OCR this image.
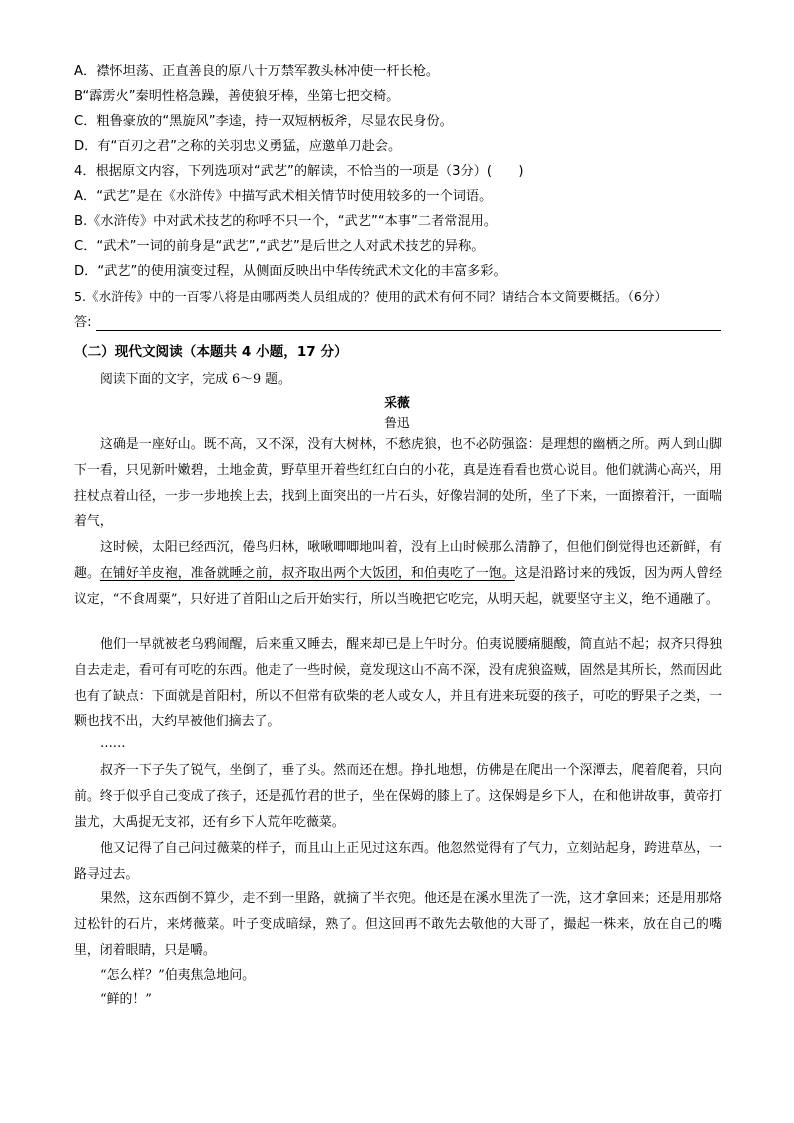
A．襟怀坦荡、正直善良的原八十万禁军教头林冲使一杆长枪。
B“霹雳火”秦明性格急躁，善使狼牙棒，坐第七把交椅。
C．粗鲁豪放的“黑旋风”李逵，持一双短柄板斧，尽显农民身份。
D．有“百刃之君”之称的关羽忠义勇猛，应邀单刀赴会。
4．根据原文内容，下列选项对“武艺”的解读，不恰当的一项是（3分）(　　)
A．“武艺”是在《水浒传》中描写武术相关情节时使用较多的一个词语。
B.《水浒传》中对武术技艺的称呼不只一个，“武艺”“本事”二者常混用。
C．“武术”一词的前身是“武艺”,“武艺”是后世之人对武术技艺的异称。
D．“武艺”的使用演变过程，从侧面反映出中华传统武术文化的丰富多彩。
5.《水浒传》中的一百零八将是由哪两类人员组成的？使用的武术有何不同？请结合本文简要概括。（6分）
答:
（二）现代文阅读（本题共 4 小题，17 分）
阅读下面的文字，完成 6～9 题。
采薇
鲁迅
这确是一座好山。既不高，又不深，没有大树林，不愁虎狼，也不必防强盗：是理想的幽栖之所。两人到山脚下一看，只见新叶嫩碧，土地金黄，野草里开着些红红白白的小花，真是连看看也赏心说目。他们就满心高兴，用拄杖点着山径，一步一步地挨上去，找到上面突出的一片石头，好像岩洞的处所，坐了下来，一面擦着汗，一面喘着气，
这时候，太阳已经西沉，倦鸟归林，啾啾唧唧地叫着，没有上山时候那么清静了，但他们倒觉得也还新鲜，有趣。在铺好羊皮袍，准备就睡之前，叔齐取出两个大饭团，和伯夷吃了一饱。这是沿路讨来的残饭，因为两人曾经议定，“不食周粟”，只好进了首阳山之后开始实行，所以当晚把它吃完，从明天起，就要坚守主义，绝不通融了。
他们一早就被老乌鸦闹醒，后来重又睡去，醒来却已是上午时分。伯夷说腰痛腿酸，简直站不起；叔齐只得独自去走走，看可有可吃的东西。他走了一些时候，竟发现这山不高不深，没有虎狼盗贼，固然是其所长，然而因此也有了缺点：下面就是首阳村，所以不但常有砍柴的老人或女人，并且有进来玩耍的孩子，可吃的野果子之类，一颗也找不出，大约早被他们摘去了。
……
叔齐一下子失了锐气，坐倒了，垂了头。然而还在想。挣扎地想，仿佛是在爬出一个深潭去，爬着爬着，只向前。终于似乎自己变成了孩子，还是孤竹君的世子，坐在保姆的膝上了。这保姆是乡下人，在和他讲故事，黄帝打蚩尤，大禹捉无支祁，还有乡下人荒年吃薇菜。
他又记得了自己问过薇菜的样子，而且山上正见过这东西。他忽然觉得有了气力，立刻站起身，跨进草丛，一路寻过去。
果然，这东西倒不算少，走不到一里路，就摘了半衣兜。他还是在溪水里洗了一洗，这才拿回来；还是用那烙过松针的石片，来烤薇菜。叶子变成暗绿，熟了。但这回再不敢先去敬他的大哥了，撮起一株来，放在自己的嘴里，闭着眼睛，只是嚼。
“怎么样？”伯夷焦急地问。
“鲜的！”
